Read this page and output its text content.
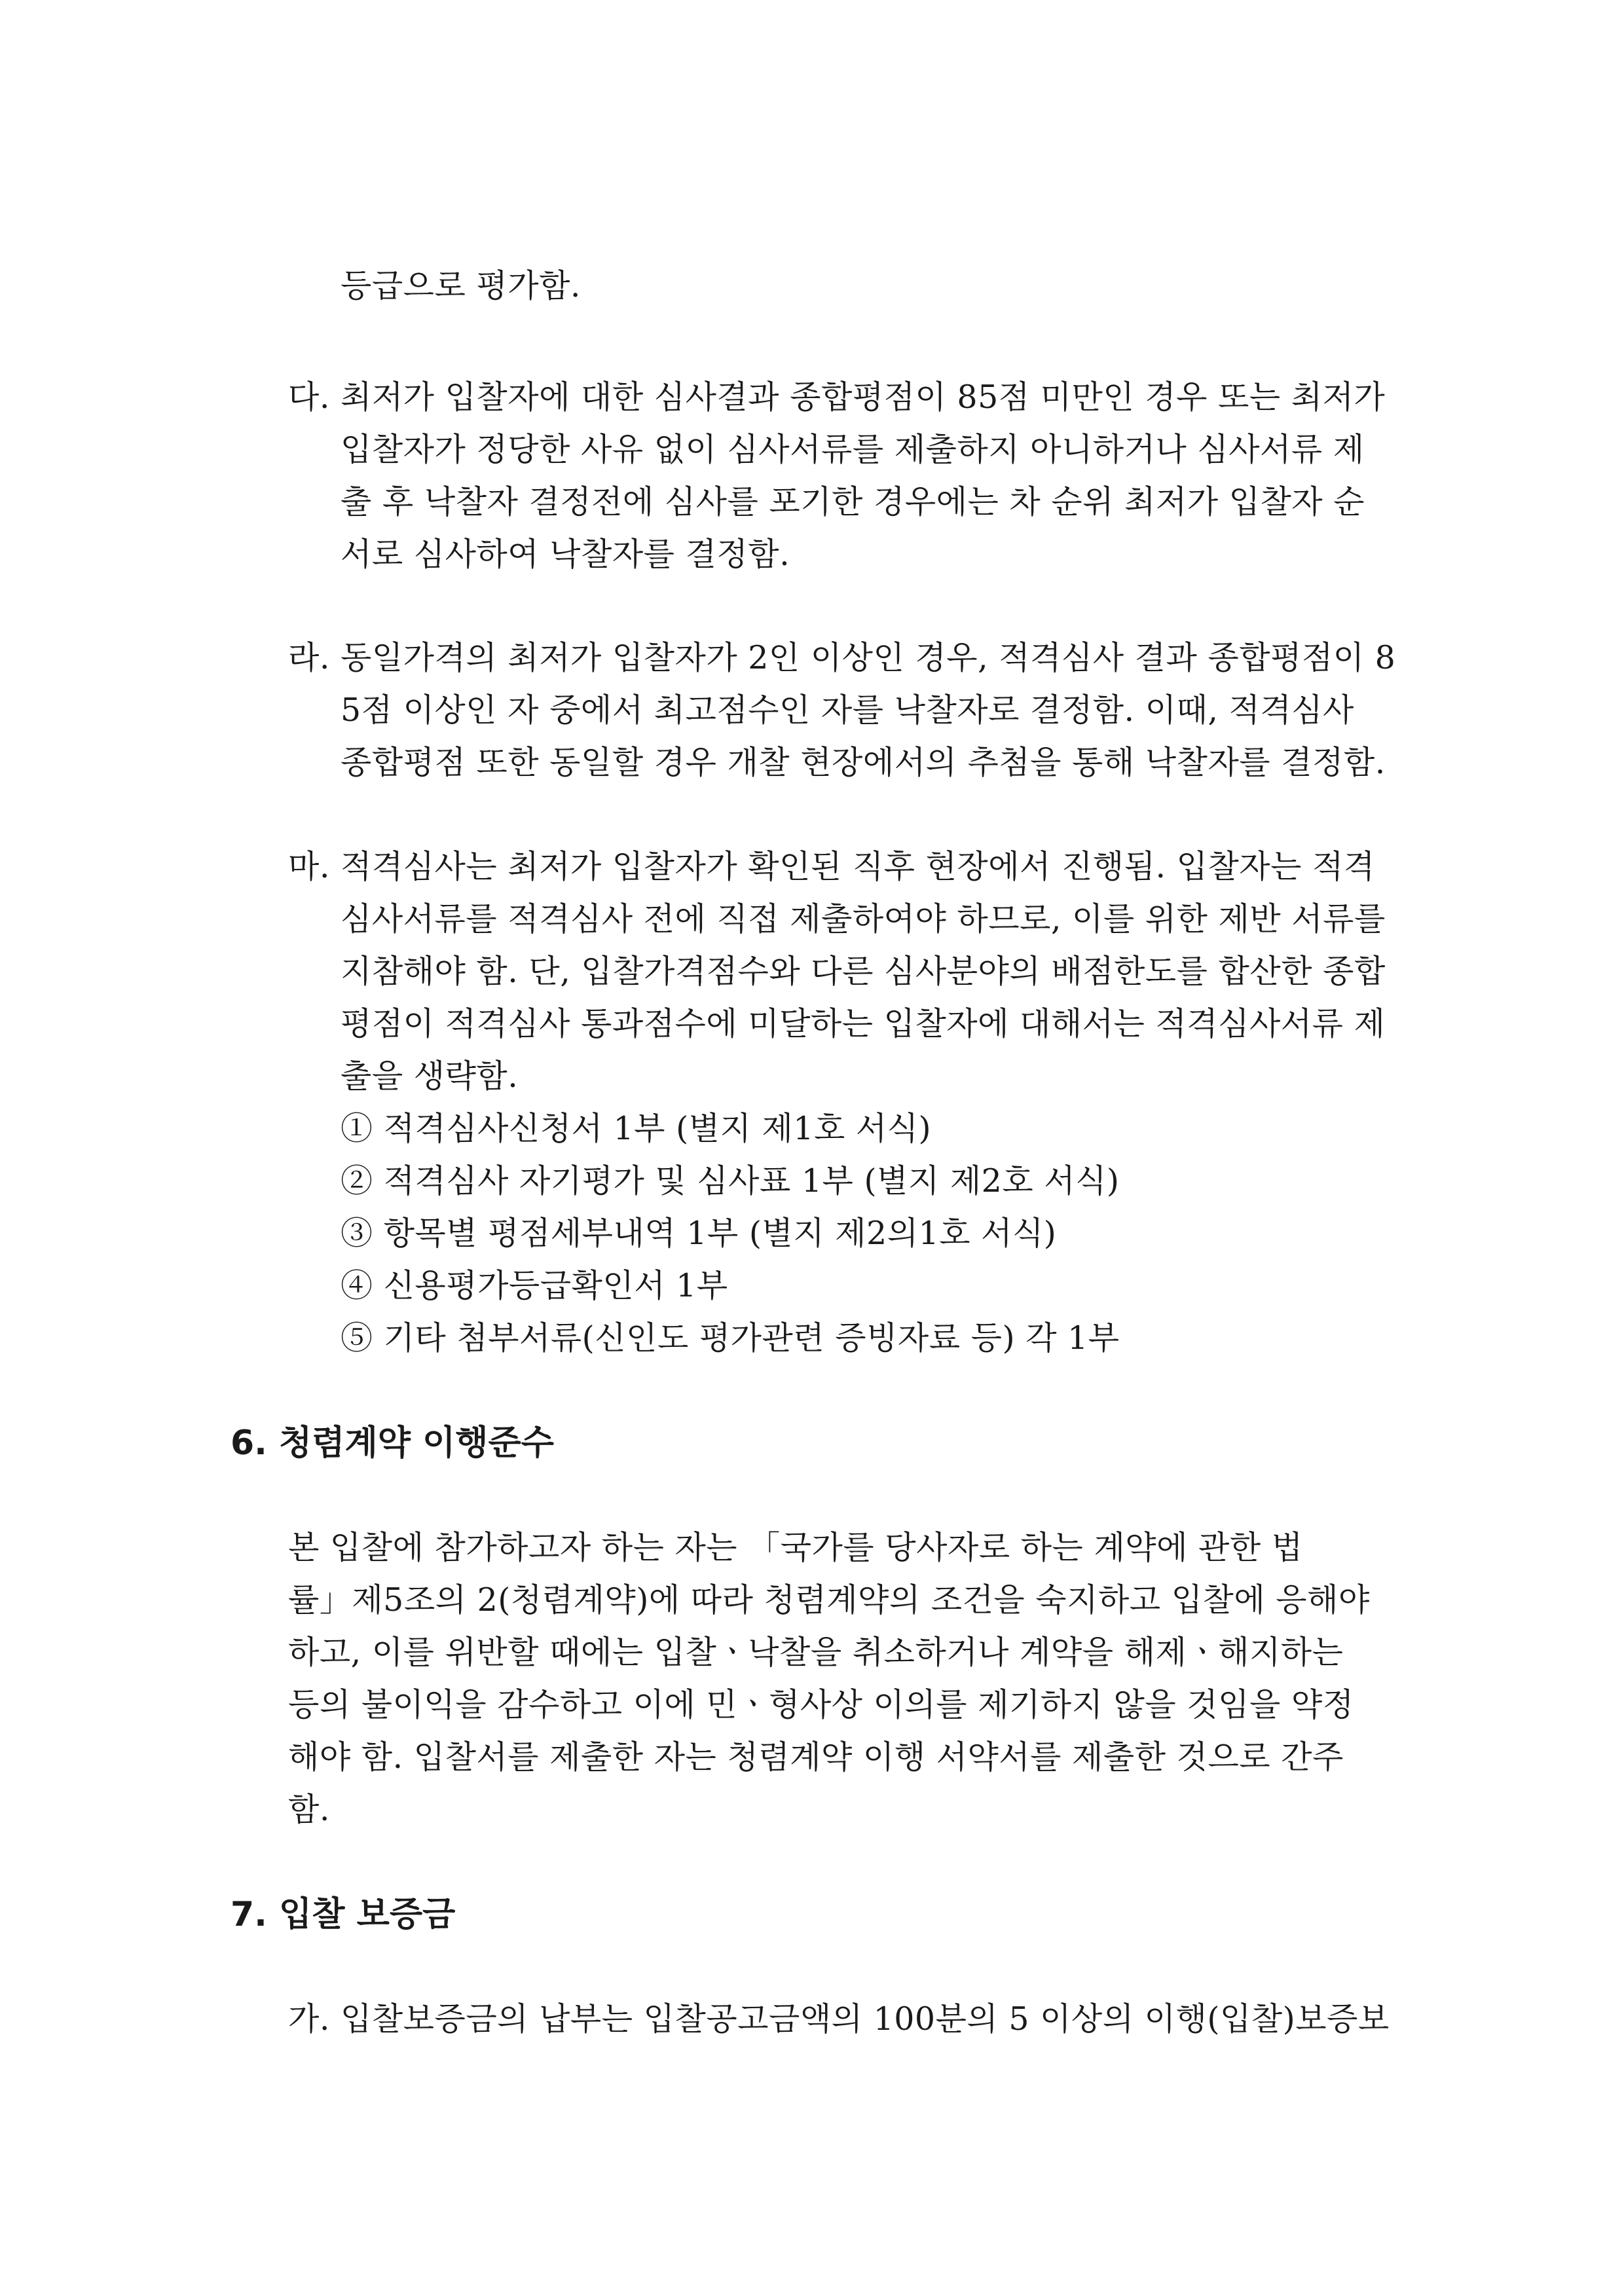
등급으로 평가함.
다. 최저가 입찰자에 대한 심사결과 종합평점이 85점 미만인 경우 또는 최저가
입찰자가 정당한 사유 없이 심사서류를 제출하지 아니하거나 심사서류 제
출 후 낙찰자 결정전에 심사를 포기한 경우에는 차 순위 최저가 입찰자 순
서로 심사하여 낙찰자를 결정함.
라. 동일가격의 최저가 입찰자가 2인 이상인 경우, 적격심사 결과 종합평점이 8
5점 이상인 자 중에서 최고점수인 자를 낙찰자로 결정함. 이때, 적격심사
종합평점 또한 동일할 경우 개찰 현장에서의 추첨을 통해 낙찰자를 결정함.
마. 적격심사는 최저가 입찰자가 확인된 직후 현장에서 진행됨. 입찰자는 적격
심사서류를 적격심사 전에 직접 제출하여야 하므로, 이를 위한 제반 서류를
지참해야 함. 단, 입찰가격점수와 다른 심사분야의 배점한도를 합산한 종합
평점이 적격심사 통과점수에 미달하는 입찰자에 대해서는 적격심사서류 제
출을 생략함.
① 적격심사신청서 1부 (별지 제1호 서식)
② 적격심사 자기평가 및 심사표 1부 (별지 제2호 서식)
③ 항목별 평점세부내역 1부 (별지 제2의1호 서식)
④ 신용평가등급확인서 1부
⑤ 기타 첨부서류(신인도 평가관련 증빙자료 등) 각 1부
6. 청렴계약 이행준수
본 입찰에 참가하고자 하는 자는 「국가를 당사자로 하는 계약에 관한 법
률」제5조의 2(청렴계약)에 따라 청렴계약의 조건을 숙지하고 입찰에 응해야
하고, 이를 위반할 때에는 입찰ㆍ낙찰을 취소하거나 계약을 해제ㆍ해지하는
등의 불이익을 감수하고 이에 민ㆍ형사상 이의를 제기하지 않을 것임을 약정
해야 함. 입찰서를 제출한 자는 청렴계약 이행 서약서를 제출한 것으로 간주
함.
7. 입찰 보증금
가. 입찰보증금의 납부는 입찰공고금액의 100분의 5 이상의 이행(입찰)보증보
